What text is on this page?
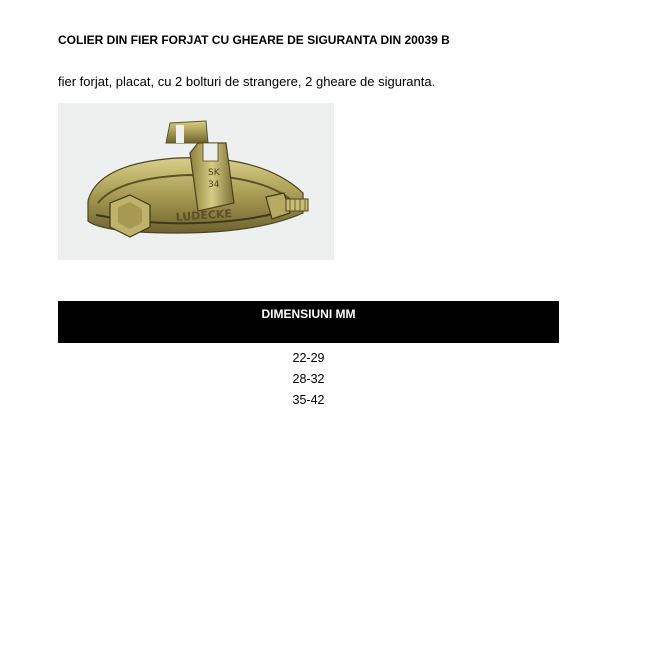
COLIER DIN FIER FORJAT CU GHEARE DE SIGURANTA DIN 20039 B
fier forjat, placat, cu 2 bolturi de strangere, 2 gheare de siguranta.
SK
34
LUDECKE
DIMENSIUNI MM
22-29
28-32
35-42
